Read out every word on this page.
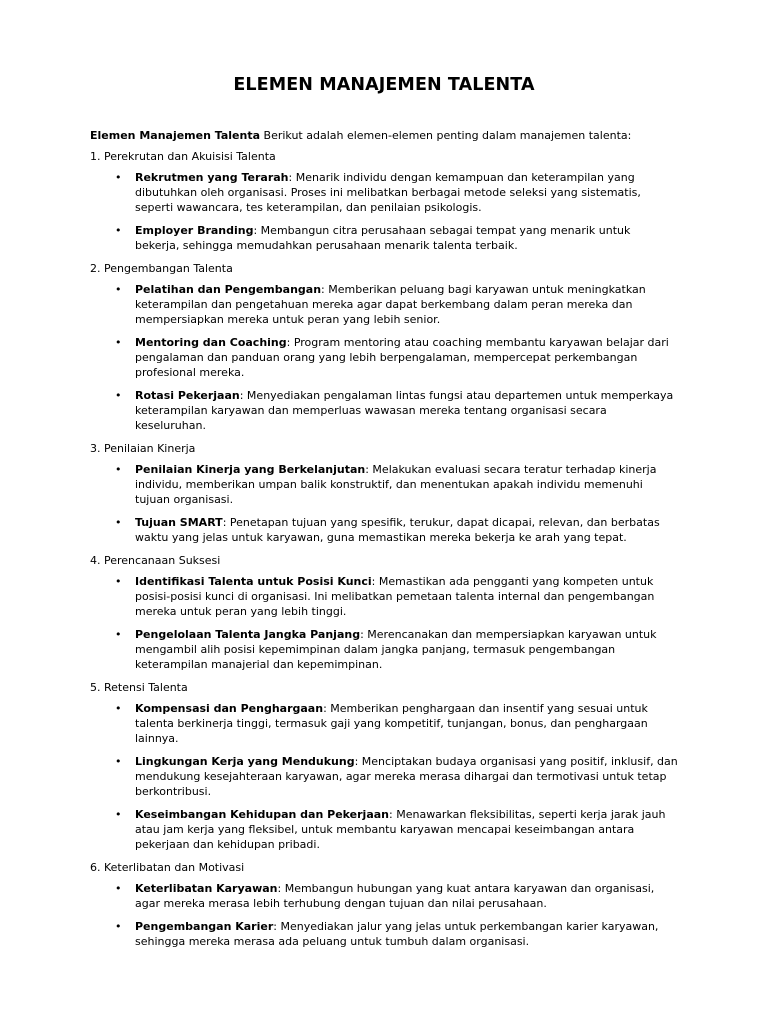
ELEMEN MANAJEMEN TALENTA

Elemen Manajemen Talenta Berikut adalah elemen-elemen penting dalam manajemen talenta:

1. Perekrutan dan Akuisisi Talenta

• Rekrutmen yang Terarah: Menarik individu dengan kemampuan dan keterampilan yang dibutuhkan oleh organisasi. Proses ini melibatkan berbagai metode seleksi yang sistematis, seperti wawancara, tes keterampilan, dan penilaian psikologis.
• Employer Branding: Membangun citra perusahaan sebagai tempat yang menarik untuk bekerja, sehingga memudahkan perusahaan menarik talenta terbaik.

2. Pengembangan Talenta

• Pelatihan dan Pengembangan: Memberikan peluang bagi karyawan untuk meningkatkan keterampilan dan pengetahuan mereka agar dapat berkembang dalam peran mereka dan mempersiapkan mereka untuk peran yang lebih senior.
• Mentoring dan Coaching: Program mentoring atau coaching membantu karyawan belajar dari pengalaman dan panduan orang yang lebih berpengalaman, mempercepat perkembangan profesional mereka.
• Rotasi Pekerjaan: Menyediakan pengalaman lintas fungsi atau departemen untuk memperkaya keterampilan karyawan dan memperluas wawasan mereka tentang organisasi secara keseluruhan.

3. Penilaian Kinerja

• Penilaian Kinerja yang Berkelanjutan: Melakukan evaluasi secara teratur terhadap kinerja individu, memberikan umpan balik konstruktif, dan menentukan apakah individu memenuhi tujuan organisasi.
• Tujuan SMART: Penetapan tujuan yang spesifik, terukur, dapat dicapai, relevan, dan berbatas waktu yang jelas untuk karyawan, guna memastikan mereka bekerja ke arah yang tepat.

4. Perencanaan Suksesi

• Identifikasi Talenta untuk Posisi Kunci: Memastikan ada pengganti yang kompeten untuk posisi-posisi kunci di organisasi. Ini melibatkan pemetaan talenta internal dan pengembangan mereka untuk peran yang lebih tinggi.
• Pengelolaan Talenta Jangka Panjang: Merencanakan dan mempersiapkan karyawan untuk mengambil alih posisi kepemimpinan dalam jangka panjang, termasuk pengembangan keterampilan manajerial dan kepemimpinan.

5. Retensi Talenta

• Kompensasi dan Penghargaan: Memberikan penghargaan dan insentif yang sesuai untuk talenta berkinerja tinggi, termasuk gaji yang kompetitif, tunjangan, bonus, dan penghargaan lainnya.
• Lingkungan Kerja yang Mendukung: Menciptakan budaya organisasi yang positif, inklusif, dan mendukung kesejahteraan karyawan, agar mereka merasa dihargai dan termotivasi untuk tetap berkontribusi.
• Keseimbangan Kehidupan dan Pekerjaan: Menawarkan fleksibilitas, seperti kerja jarak jauh atau jam kerja yang fleksibel, untuk membantu karyawan mencapai keseimbangan antara pekerjaan dan kehidupan pribadi.

6. Keterlibatan dan Motivasi

• Keterlibatan Karyawan: Membangun hubungan yang kuat antara karyawan dan organisasi, agar mereka merasa lebih terhubung dengan tujuan dan nilai perusahaan.
• Pengembangan Karier: Menyediakan jalur yang jelas untuk perkembangan karier karyawan, sehingga mereka merasa ada peluang untuk tumbuh dalam organisasi.
